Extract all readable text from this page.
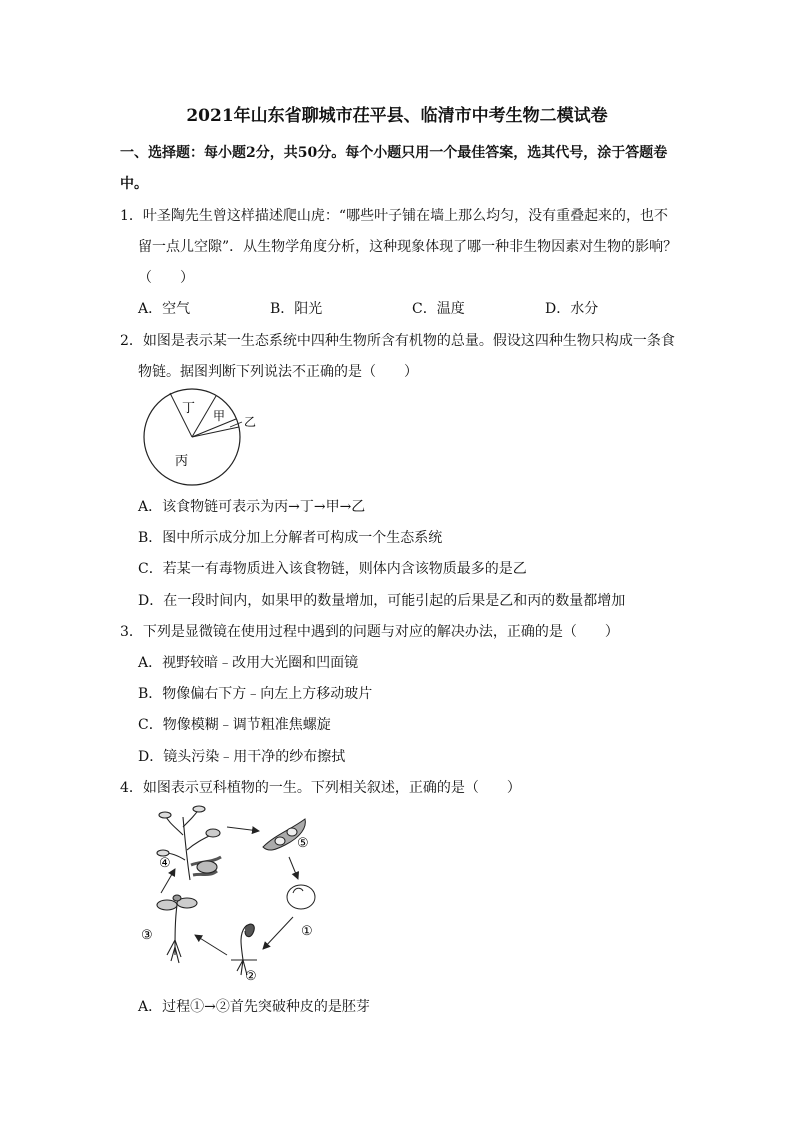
2021年山东省聊城市茌平县、临清市中考生物二模试卷
一、选择题：每小题2分，共50分。每个小题只用一个最佳答案，选其代号，涂于答题卷
中。
1．叶圣陶先生曾这样描述爬山虎：“哪些叶子铺在墙上那么均匀，没有重叠起来的，也不
留一点儿空隙”．从生物学角度分析，这种现象体现了哪一种非生物因素对生物的影响？
（　　）
A．空气	B．阳光	C．温度	D．水分
2．如图是表示某一生态系统中四种生物所含有机物的总量。假设这四种生物只构成一条食
物链。据图判断下列说法不正确的是（　　）
丁 甲 乙
丙
A．该食物链可表示为丙→丁→甲→乙
B．图中所示成分加上分解者可构成一个生态系统
C．若某一有毒物质进入该食物链，则体内含该物质最多的是乙
D．在一段时间内，如果甲的数量增加，可能引起的后果是乙和丙的数量都增加
3．下列是显微镜在使用过程中遇到的问题与对应的解决办法，正确的是（　　）
A．视野较暗﹣改用大光圈和凹面镜
B．物像偏右下方﹣向左上方移动玻片
C．物像模糊﹣调节粗准焦螺旋
D．镜头污染﹣用干净的纱布擦拭
4．如图表示豆科植物的一生。下列相关叙述，正确的是（　　）
④
⑤
①
②
③
A．过程①→②首先突破种皮的是胚芽
